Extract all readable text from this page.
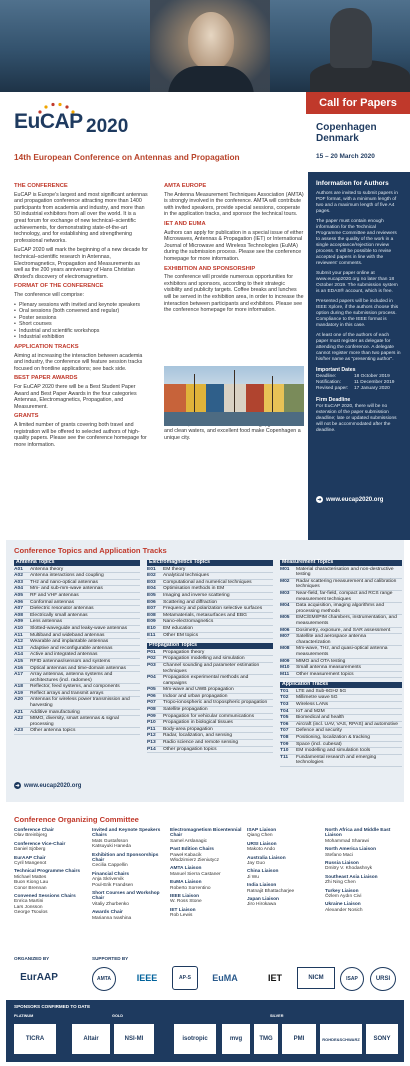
EuCAP 2020
14th European Conference on Antennas and Propagation
Call for Papers
Copenhagen
Denmark
15 – 20 March 2020
THE CONFERENCE

EuCAP is Europe's largest and most significant antennas and propagation conference attracting more than 1400 participants from academia and industry, and more than 50 industrial exhibitors from all over the world. It is a great forum for exchange of new technical–scientific achievements, for demonstrating state-of-the-art technology, and for establishing and strengthening professional networks.

EuCAP 2020 will mark the beginning of a new decade for technical–scientific research in Antennas, Electromagnetics, Propagation and Measurements as well as the 200 years anniversary of Hans Christian Ørsted's discovery of electromagnetism.

FORMAT OF THE CONFERENCE

The conference will comprise:

• Plenary sessions with invited and keynote speakers
• Oral sessions (both convened and regular)
• Poster sessions
• Short courses
• Industrial and scientific workshops
• Industrial exhibition
APPLICATION TRACKS

Aiming at increasing the interaction between academia and industry, the conference will feature session tracks focused on frontline applications; see back side.

BEST PAPER AWARDS

For EuCAP 2020 there will be a Best Student Paper Award and Best Paper Awards in the four categories Antennas, Electromagnetics, Propagation, and Measurement.

GRANTS

A limited number of grants covering both travel and registration will be offered to selected authors of high-quality papers. Please see the conference homepage for more information.

AMTA EUROPE

The Antenna Measurement Techniques Association (AMTA) is strongly involved in the conference. AMTA will contribute with invited speakers, provide special sessions, cooperate in the application tracks, and sponsor the technical tours.

IET AND EUMA

Authors can apply for publication in a special issue of either Microwaves, Antennas & Propagation (IET) or International Journal of Microwave and Wireless Technologies (EuMA) during the submission process. Please see the conference homepage for more information.

EXHIBITION AND SPONSORSHIP

The conference will provide numerous opportunities for exhibitors and sponsors, according to their strategic visibility and publicity targets. Coffee breaks and lunches will be served in the exhibition area, in order to increase the interaction between participants and exhibitors. Please see the conference homepage for more information.

and clean waters, and excellent food make Copenhagen a unique city.

Information for Authors

Authors are invited to submit papers in PDF format, with a minimum length of two and a maximum length of five A4 pages.

The paper must contain enough information for the Technical Programme Committee and reviewers to assess the quality of the work in a single acceptance/rejection review process. It will be possible to revise accepted papers in line with the reviewers' comments.

Submit your paper online at www.eucap2020.org no later than 18 October 2019. The submission system is an EDAS® account, which is free.

Presented papers will be included in IEEE Xplore, if the authors choose this option during the submission process. Compliance to the IEEE format is mandatory in this case.

At least one of the authors of each paper must register as delegate for attending the conference. A delegate cannot register more than two papers in his/her name as "presenting author".

Important Dates
Deadline:	18 October 2019
Notification:	11 December 2019
Revised paper:	17 January 2020
Firm Deadline

For EuCAP 2020, there will be no extension of the paper submission deadline; late or updated submissions will not be accommodated after the deadline.

➜ www.eucap2020.org
Conference Topics and Application Tracks
Antenna Topics
A01	Antenna theory
A02	Antenna interactions and coupling
A03	THz and nano-optical antennas
A04	Mm- and sub-mm-wave antennas
A05	RF and VHF antennas
A06	Conformal antennas
A07	Dielectric resonator antennas
A08	Electrically small antennas
A09	Lens antennas
A10	Slotted-waveguide and leaky-wave antennas
A11	Multiband and wideband antennas
A12	Wearable and implantable antennas
A13	Adaptive and reconfigurable antennas
A14	Active and integrated antennas
A15	RFID antennas/sensors and systems
A16	Optical antennas and time-domain antennas
A17	Array antennas, antenna systems and architectures (incl. radomes)
A18	Reflector, feed systems, and components
A19	Reflect arrays and transmit arrays
A20	Antennas for wireless power transmission and harvesting
A21	Additive manufacturing
A22	MIMO, diversity, smart antennas & signal processing
A23	Other antenna topics
Electromagnetics Topics
E01	EM theory
E02	Analytical techniques
E03	Computational and numerical techniques
E04	Optimisation methods in EM
E05	Imaging and inverse scattering
E06	Scattering and diffraction
E07	Frequency and polarization selective surfaces
E08	Metamaterials, metasurfaces and EBG
E09	Nano-electromagnetics
E10	EM education
E11	Other EM topics
Propagation Topics
P01	Propagation theory
P02	Propagation modelling and simulation
P03	Channel sounding and parameter estimation techniques
P04	Propagation experimental methods and campaigns
P05	Mm-wave and UWB propagation
P06	Indoor and urban propagation
P07	Tropo-ionospheric and tropospheric propagation
P08	Satellite propagation
P09	Propagation for vehicular communications
P10	Propagation in biological tissues
P11	Body-area propagation
P12	Radar, localization, and sensing
P13	Radio science and remote sensing
P14	Other propagation topics
Measurement Topics
M01	Material characterisation and non-destructive testing
M02	Radar scattering measurement and calibration techniques
M03	Near-field, far-field, compact and RCS range measurement techniques
M04	Data acquisition, imaging algorithms and processing methods
M05	EMC/EMI/PIM chambers, instrumentation, and measurements
M06	Dosimetry, exposure, and SAR assessment
M07	Satellite and aerospace antenna characterization
M08	Mm-wave, THz, and quasi-optical antenna measurements
M09	MIMO and OTA testing
M10	Small antenna measurements
M11	Other measurement topics
Application Tracks
T01	LTE and Sub-6GHz 5G
T02	Millimetre wave 5G
T03	Wireless LANs
T04	IoT and M2M
T05	Biomedical and health
T06	Aircraft (incl. UAV, VAS, RPAS) and automotive
T07	Defence and security
T08	Positioning, localization & tracking
T09	Space (incl. cubesat)
T10	EM modelling and simulation tools
T11	Fundamental research and emerging technologies
➜ www.eucap2020.org
Conference Organizing Committee
Conference Chair
Olav Breinbjerg
Conference Vice-Chair
Daniel Sjöberg
EurAAP Chair
Cyril Mangenot
Technical Programme Chairs
Michael Mattes
Buon Kiong Lau
Conor Brennan
Convened Sessions Chairs
Enrica Martini
Lars Jonsson
George Tsoulos
Invited and Keynote Speakers Chairs
Mats Gustafsson
Katsuyuki Haneda
Exhibition and Sponsorships Chair
Cecilia Cappellin
Financial Chairs
Anja Skrivervik
Poul-Erik Frandsen
Short Courses and Workshop Chair
Vitaliy Zhurbenko
Awards Chair
Marianna Ivashina
Electromagnetism Bicentennial Chair
Samel Arslanagic
Past Edition Chairs
Paweł Kabacik
Włodzimierz Zieniutycz
AMTA Liaison
Manuel Sierra Castaner
EuMA Liaison
Roberto Sorrentino
IEEE Liaison
W. Ross Stone
IET Liaison
Rob Lewis
ISAP Liaison
Qiang Chen
URSI Liaison
Makoto Ando
Australia Liaison
Jay Guo
China Liaison
Ji Wu
India Liaison
Ratnajit Bhattacharjee
Japan Liaison
Jiro Hirokawa
North Africa and Middle East Liaison
Mohammad Sharawi
North America Liaison
Stefano Maci
Russia Liaison
Dmitry V. Khodashnyk
Southeast Asia Liaison
Zhi Ning Chen
Turkey Liaison
Özlem Aydın Civi
Ukraine Liaison
Alexander Nosich
ORGANIZED BY	SUPPORTED BY
EurAAP	AMTA	IEEE	AP-S	EuMA	IET	NICM	ISAP	URSI
SPONSORS CONFIRMED TO DATE
PLATINUM	GOLD	SILVER
TICRA	Altair	NSI-MI	isotropic	mvg	TMG	PMI	ROHDE&SCHWARZ	SONY
